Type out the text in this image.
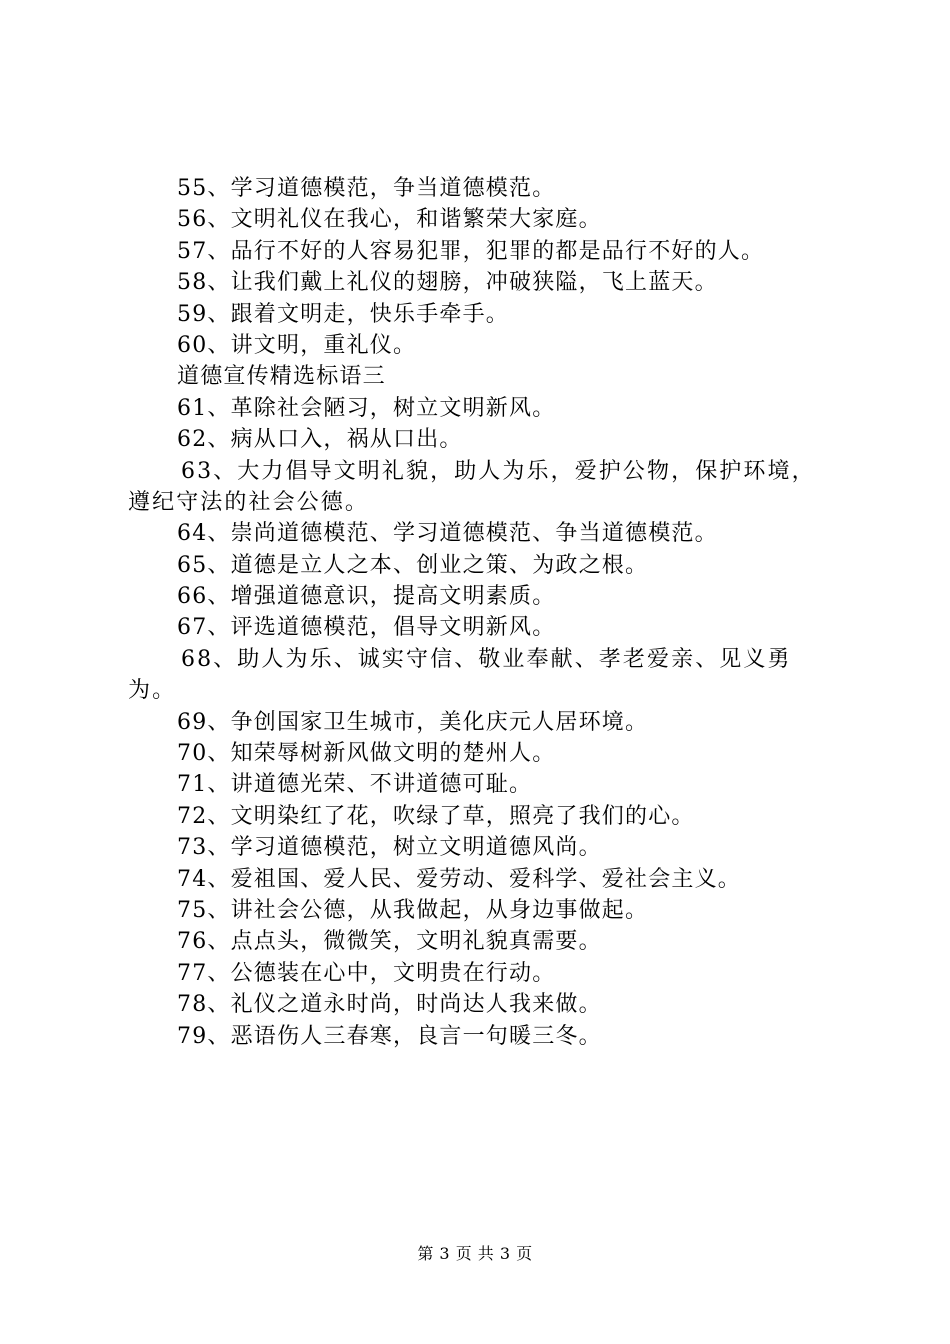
55、学习道德模范，争当道德模范。
56、文明礼仪在我心，和谐繁荣大家庭。
57、品行不好的人容易犯罪，犯罪的都是品行不好的人。
58、让我们戴上礼仪的翅膀，冲破狭隘，飞上蓝天。
59、跟着文明走，快乐手牵手。
60、讲文明，重礼仪。
道德宣传精选标语三
61、革除社会陋习，树立文明新风。
62、病从口入，祸从口出。
63、大力倡导文明礼貌，助人为乐，爱护公物，保护环境，
遵纪守法的社会公德。
64、崇尚道德模范、学习道德模范、争当道德模范。
65、道德是立人之本、创业之策、为政之根。
66、增强道德意识，提高文明素质。
67、评选道德模范，倡导文明新风。
68、助人为乐、诚实守信、敬业奉献、孝老爱亲、见义勇
为。
69、争创国家卫生城市，美化庆元人居环境。
70、知荣辱树新风做文明的楚州人。
71、讲道德光荣、不讲道德可耻。
72、文明染红了花，吹绿了草，照亮了我们的心。
73、学习道德模范，树立文明道德风尚。
74、爱祖国、爱人民、爱劳动、爱科学、爱社会主义。
75、讲社会公德，从我做起，从身边事做起。
76、点点头，微微笑，文明礼貌真需要。
77、公德装在心中，文明贵在行动。
78、礼仪之道永时尚，时尚达人我来做。
79、恶语伤人三春寒，良言一句暖三冬。
第 3 页 共 3 页
